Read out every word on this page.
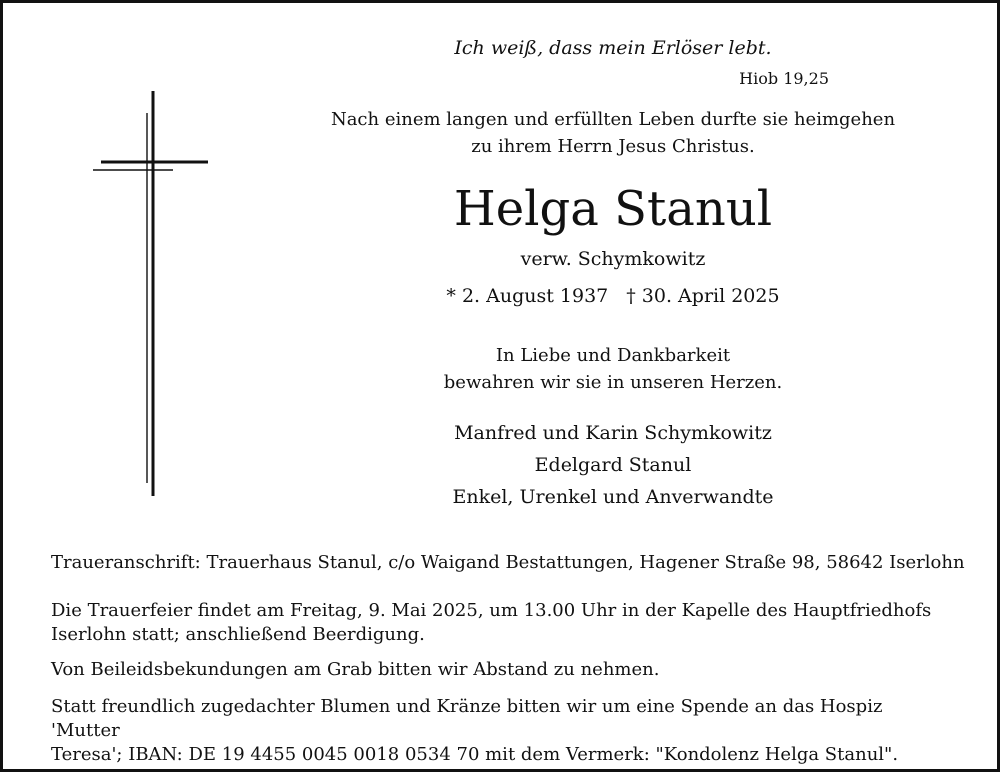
Ich weiß, dass mein Erlöser lebt.
Hiob 19,25
Nach einem langen und erfüllten Leben durfte sie heimgehen
zu ihrem Herrn Jesus Christus.
Helga Stanul
verw. Schymkowitz
* 2. August 1937 † 30. April 2025
In Liebe und Dankbarkeit
bewahren wir sie in unseren Herzen.
Manfred und Karin Schymkowitz
Edelgard Stanul
Enkel, Urenkel und Anverwandte
Traueranschrift: Trauerhaus Stanul, c/o Waigand Bestattungen, Hagener Straße 98, 58642 Iserlohn
Die Trauerfeier findet am Freitag, 9. Mai 2025, um 13.00 Uhr in der Kapelle des Hauptfriedhofs
Iserlohn statt; anschließend Beerdigung.
Von Beileidsbekundungen am Grab bitten wir Abstand zu nehmen.
Statt freundlich zugedachter Blumen und Kränze bitten wir um eine Spende an das Hospiz 'Mutter
Teresa'; IBAN: DE 19 4455 0045 0018 0534 70 mit dem Vermerk: "Kondolenz Helga Stanul".
